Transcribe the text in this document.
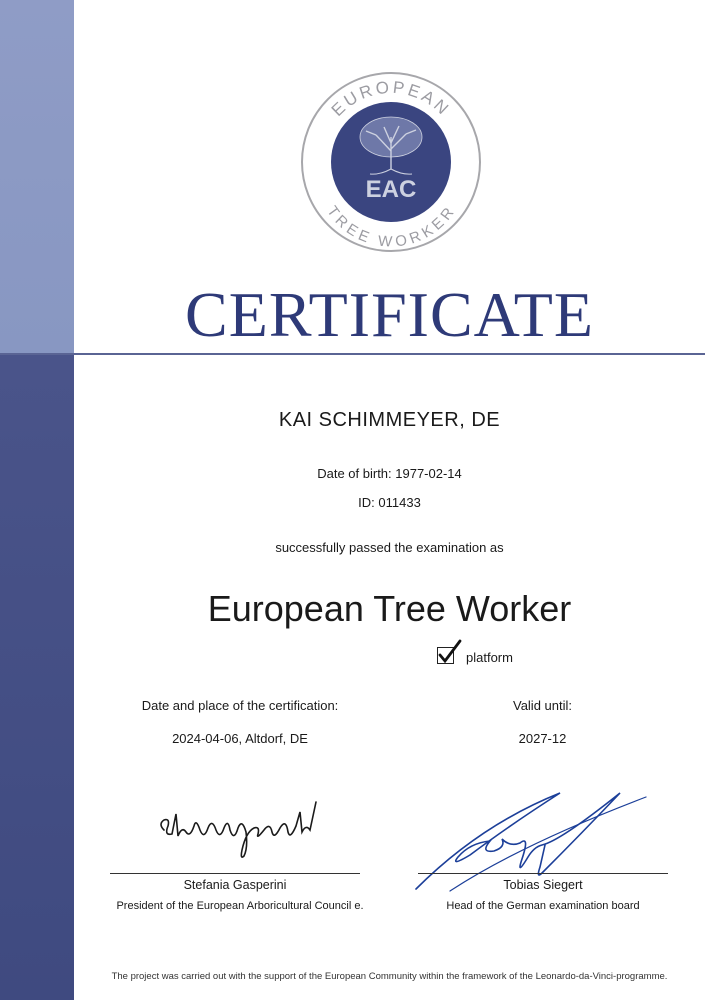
EUROPEAN
TREE WORKER
EAC
CERTIFICATE
KAI SCHIMMEYER, DE
Date of birth: 1977-02-14
ID: 011433
successfully passed the examination as
European Tree Worker
platform
Date and place of the certification:	Valid until:
2024-04-06, Altdorf, DE	2027-12
Stefania Gasperini	Tobias Siegert
President of the European Arboricultural Council e.	Head of the German examination board
The project was carried out with the support of the European Community within the framework of the Leonardo-da-Vinci-programme.
